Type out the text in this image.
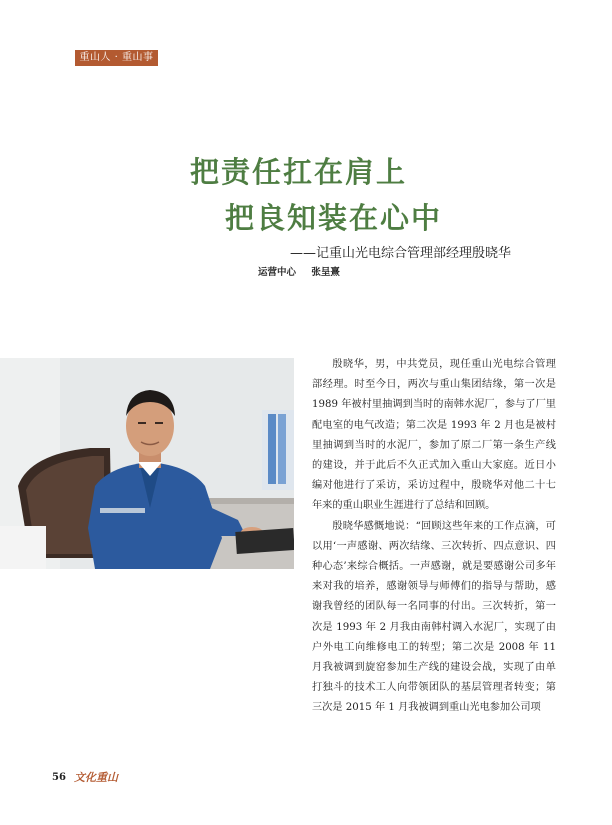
重山人 · 重山事
把责任扛在肩上
把良知装在心中
——记重山光电综合管理部经理殷晓华
运营中心 张呈熹

殷晓华，男，中共党员，现任重山光电综合管理部经理。时至今日，两次与重山集团结缘，第一次是 1989 年被村里抽调到当时的南韩水泥厂，参与了厂里配电室的电气改造；第二次是 1993 年 2 月也是被村里抽调到当时的水泥厂，参加了原二厂第一条生产线的建设，并于此后不久正式加入重山大家庭。近日小编对他进行了采访，采访过程中，殷晓华对他二十七年来的重山职业生涯进行了总结和回顾。

殷晓华感慨地说：“回顾这些年来的工作点滴，可以用‘一声感谢、两次结缘、三次转折、四点意识、四种心态’来综合概括。一声感谢，就是要感谢公司多年来对我的培养，感谢领导与师傅们的指导与帮助，感谢我曾经的团队每一名同事的付出。三次转折，第一次是 1993 年 2 月我由南韩村调入水泥厂，实现了由户外电工向维修电工的转型；第二次是 2008 年 11 月我被调到旋窑参加生产线的建设会战，实现了由单打独斗的技术工人向带领团队的基层管理者转变；第三次是 2015 年 1 月我被调到重山光电参加公司项

56 文化重山
